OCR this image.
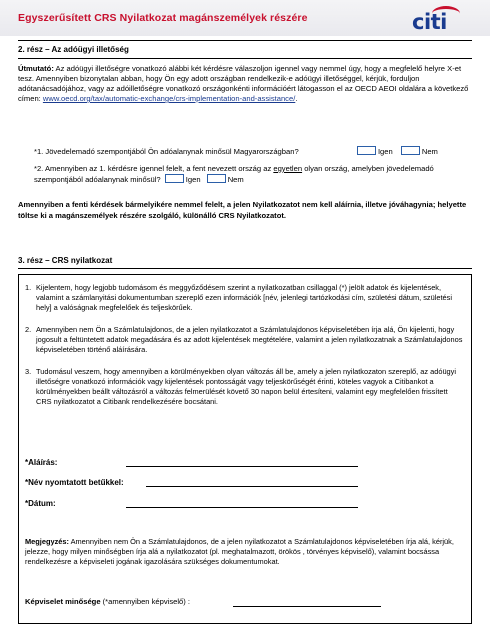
Egyszerűsített CRS Nyilatkozat magánszemélyek részére	citi
2. rész – Az adóügyi illetőség
Útmutató: Az adóügyi illetőségre vonatkozó alábbi két kérdésre válaszoljon igennel vagy nemmel úgy, hogy a megfelelő helyre X-et tesz. Amennyiben bizonytalan abban, hogy Ön egy adott országban rendelkezik-e adóügyi illetőséggel, kérjük, forduljon adótanácsadójához, vagy az adóilletőségre vonatkozó országonkénti információért látogasson el az OECD AEOI oldalára a következő címen: www.oecd.org/tax/automatic-exchange/crs-implementation-and-assistance/.
*1. Jövedelemadó szempontjából Ön adóalanynak minősül Magyarországban?	Igen	Nem
*2. Amennyiben az 1. kérdésre igennel felelt, a fent nevezett ország az egyetlen olyan ország, amelyben jövedelemadó szempontjából adóalanynak minősül?	Igen	Nem
Amennyiben a fenti kérdések bármelyikére nemmel felelt, a jelen Nyilatkozatot nem kell aláírnia, illetve jóváhagynia; helyette töltse ki a magánszemélyek részére szolgáló, különálló CRS Nyilatkozatot.
3. rész – CRS nyilatkozat
1. Kijelentem, hogy legjobb tudomásom és meggyőződésem szerint a nyilatkozatban csillaggal (*) jelölt adatok és kijelentések, valamint a számlanyitási dokumentumban szereplő ezen információk [név, jelenlegi tartózkodási cím, születési dátum, születési hely] a valóságnak megfelelőek és teljeskörűek.
2. Amennyiben nem Ön a Számlatulajdonos, de a jelen nyilatkozatot a Számlatulajdonos képviseletében írja alá, Ön kijelenti, hogy jogosult a feltüntetett adatok megadására és az adott kijelentések megtételére, valamint a jelen nyilatkozatnak a Számlatulajdonos képviseletében történő aláírására.
3. Tudomásul veszem, hogy amennyiben a körülményekben olyan változás áll be, amely a jelen nyilatkozaton szereplő, az adóügyi illetőségre vonatkozó információk vagy kijelentések pontosságát vagy teljeskörűségét érinti, köteles vagyok a Citibankot a körülményekben beállt változásról a változás felmerülését követő 30 napon belül értesíteni, valamint egy megfelelően frissített CRS nyilatkozatot a Citibank rendelkezésére bocsátani.
*Aláírás:
*Név nyomtatott betűkkel:
*Dátum:
Megjegyzés: Amennyiben nem Ön a Számlatulajdonos, de a jelen nyilatkozatot a Számlatulajdonos képviseletében írja alá, kérjük, jelezze, hogy milyen minőségben írja alá a nyilatkozatot (pl. meghatalmazott, örökös , törvényes képviselő), valamint bocsássa rendelkezésre a képviseleti jogának igazolására szükséges dokumentumokat.
Képviselet minősége (*amennyiben képviselő) :
